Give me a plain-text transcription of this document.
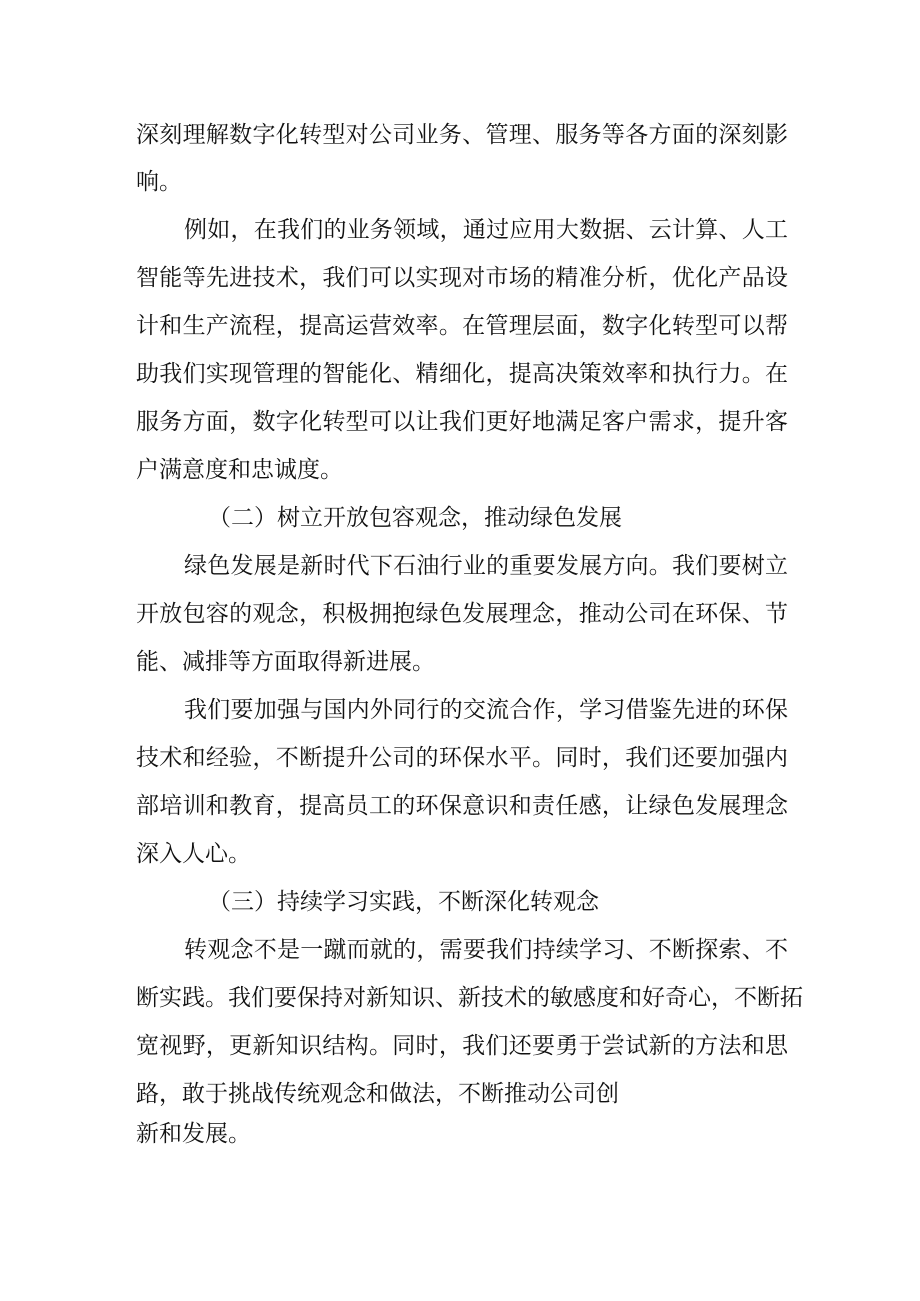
深刻理解数字化转型对公司业务、管理、服务等各方面的深刻影
响。
例如，在我们的业务领域，通过应用大数据、云计算、人工
智能等先进技术，我们可以实现对市场的精准分析，优化产品设
计和生产流程，提高运营效率。在管理层面，数字化转型可以帮
助我们实现管理的智能化、精细化，提高决策效率和执行力。在
服务方面，数字化转型可以让我们更好地满足客户需求，提升客
户满意度和忠诚度。
（二）树立开放包容观念，推动绿色发展
绿色发展是新时代下石油行业的重要发展方向。我们要树立
开放包容的观念，积极拥抱绿色发展理念，推动公司在环保、节
能、减排等方面取得新进展。
我们要加强与国内外同行的交流合作，学习借鉴先进的环保
技术和经验，不断提升公司的环保水平。同时，我们还要加强内
部培训和教育，提高员工的环保意识和责任感，让绿色发展理念
深入人心。
（三）持续学习实践，不断深化转观念
转观念不是一蹴而就的，需要我们持续学习、不断探索、不
断实践。我们要保持对新知识、新技术的敏感度和好奇心，不断拓
宽视野，更新知识结构。同时，我们还要勇于尝试新的方法和思
路，敢于挑战传统观念和做法，不断推动公司创
新和发展。
